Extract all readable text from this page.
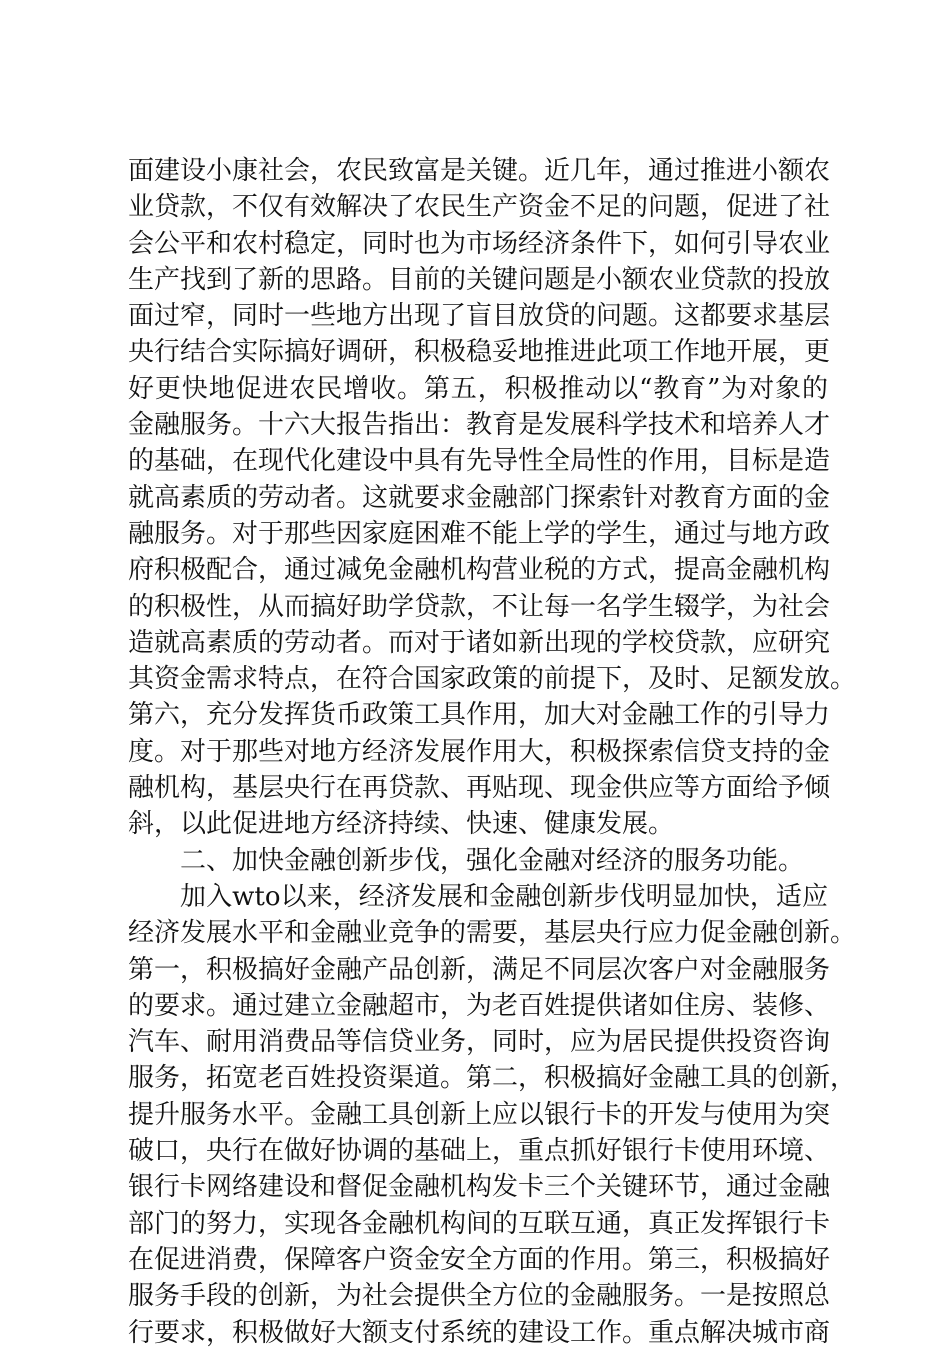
面建设小康社会，农民致富是关键。近几年，通过推进小额农
业贷款，不仅有效解决了农民生产资金不足的问题，促进了社
会公平和农村稳定，同时也为市场经济条件下，如何引导农业
生产找到了新的思路。目前的关键问题是小额农业贷款的投放
面过窄，同时一些地方出现了盲目放贷的问题。这都要求基层
央行结合实际搞好调研，积极稳妥地推进此项工作地开展，更
好更快地促进农民增收。第五，积极推动以“教育”为对象的
金融服务。十六大报告指出：教育是发展科学技术和培养人才
的基础，在现代化建设中具有先导性全局性的作用，目标是造
就高素质的劳动者。这就要求金融部门探索针对教育方面的金
融服务。对于那些因家庭困难不能上学的学生，通过与地方政
府积极配合，通过减免金融机构营业税的方式，提高金融机构
的积极性，从而搞好助学贷款，不让每一名学生辍学，为社会
造就高素质的劳动者。而对于诸如新出现的学校贷款，应研究
其资金需求特点，在符合国家政策的前提下，及时、足额发放。
第六，充分发挥货币政策工具作用，加大对金融工作的引导力
度。对于那些对地方经济发展作用大，积极探索信贷支持的金
融机构，基层央行在再贷款、再贴现、现金供应等方面给予倾
斜，以此促进地方经济持续、快速、健康发展。
二、加快金融创新步伐，强化金融对经济的服务功能。
加入wto以来，经济发展和金融创新步伐明显加快，适应
经济发展水平和金融业竞争的需要，基层央行应力促金融创新。
第一，积极搞好金融产品创新，满足不同层次客户对金融服务
的要求。通过建立金融超市，为老百姓提供诸如住房、装修、
汽车、耐用消费品等信贷业务，同时，应为居民提供投资咨询
服务，拓宽老百姓投资渠道。第二，积极搞好金融工具的创新，
提升服务水平。金融工具创新上应以银行卡的开发与使用为突
破口，央行在做好协调的基础上，重点抓好银行卡使用环境、
银行卡网络建设和督促金融机构发卡三个关键环节，通过金融
部门的努力，实现各金融机构间的互联互通，真正发挥银行卡
在促进消费，保障客户资金安全方面的作用。第三，积极搞好
服务手段的创新，为社会提供全方位的金融服务。一是按照总
行要求，积极做好大额支付系统的建设工作。重点解决城市商
